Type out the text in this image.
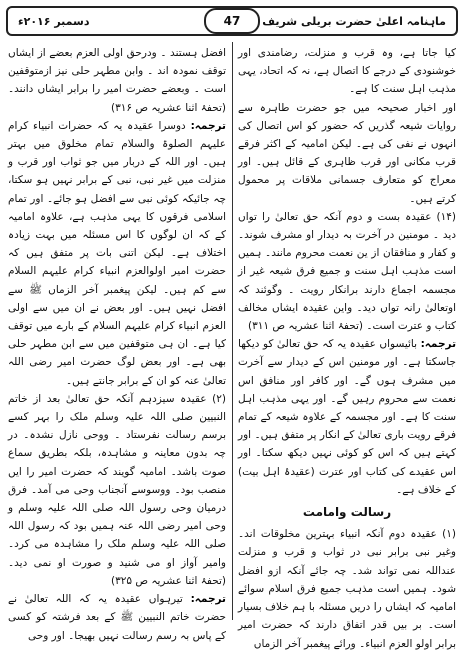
دسمبر ۲۰۱۶ء	47	ماہنامہ اعلیٰ حضرت بریلی شریف

کیا جاتا ہے، وہ قرب و منزلت، رضامندی اور خوشنودی کے درجے کا اتصال ہے، نہ کہ اتحاد، یہی مذہب اہل سنت کا ہے۔

اور اخبار صحیحہ میں جو حضرت طاہرہ سے روایات شیعہ گذریں کہ حضور کو اس اتصال کی انہوں نے نفی کی ہے۔ لیکن امامیہ کے اکثر فرقے قرب مکانی اور قرب ظاہری کے قائل ہیں۔ اور معراج کو متعارف جسمانی ملاقات پر محمول کرتے ہیں۔

(۱۴) عقیدہ بست و دوم آنکہ حق تعالیٰ را تواں دید ۔ مومنین در آخرت بہ دیدار او مشرف شوند۔ و کفار و منافقان از ین نعمت محروم مانند۔ ہمیں است مذہب اہل سنت و جمیع فرق شیعہ غیر از مجسمہ اجماع دارند برانکار رویت ۔ وگوئند کہ اوتعالیٰ رانہ تواں دید۔ واین عقیدہ ایشاں مخالف کتاب و عترت است۔ (تحفۂ اثنا عشریہ ص ۳۱۱)

ترجمہ: بائیسواں عقیدہ یہ کہ حق تعالیٰ کو دیکھا جاسکتا ہے۔ اور مومنین اس کے دیدار سے آخرت میں مشرف ہوں گے۔ اور کافر اور منافق اس نعمت سے محروم رہیں گے۔ اور یہی مذہب اہل سنت کا ہے۔ اور مجسمہ کے علاوہ شیعہ کے تمام فرقے رویت باری تعالیٰ کے انکار پر متفق ہیں۔ اور کہتے ہیں کہ اس کو کوئی نہیں دیکھ سکتا۔ اور اس عقیدے کی کتاب اور عترت (عقیدۂ اہل بیت) کے خلاف ہے۔

رسالت وامامت

(۱) عقیدہ دوم آنکہ انبیاء بہترین مخلوقات اند۔ وغیر نبی برابر نبی در ثواب و قرب و منزلت عنداللہ نمی تواند شد۔ چہ جائے آنکہ ازو افضل شود۔ ہمیں است مذہب جمیع فرق اسلام سوائے امامیہ کہ ایشاں را دریں مسئلہ با ہم خلاف بسیار است۔ بر بیں قدر اتفاق دارند کہ حضرت امیر برابر اولو العزم انبیاء۔ ورائے پیغمبر آخر الزماں

افضل ہستند ۔ ودرحق اولی العزم بعضے از ایشاں توقف نمودہ اند ۔ وابن مطہر حلی نیز ازمتوقفین است ۔ وبعضے حضرت امیر را برابر ایشاں دانند۔ (تحفۂ اثنا عشریہ ص ۳۱۶)

ترجمہ: دوسرا عقیدہ یہ کہ حضرات انبیاء کرام علیہم الصلوۃ والسلام تمام مخلوق میں بہتر ہیں۔ اور اللہ کے دربار میں جو ثواب اور قرب و منزلت میں غیر نبی، نبی کے برابر نہیں ہو سکتا، چہ جائیکہ کوئی نبی سے افضل ہو جائے۔ اور تمام اسلامی فرقوں کا یہی مذہب ہے، علاوہ امامیہ کے کہ ان لوگوں کا اس مسئلہ میں بہت زیادہ اختلاف ہے۔ لیکن اتنی بات پر متفق ہیں کہ حضرت امیر اولوالعزم انبیاء کرام علیہم السلام سے کم ہیں۔ لیکن پیغمبر آخر الزماں ﷺ سے افضل نہیں ہیں۔ اور بعض نے ان میں سے اولی العزم انبیاء کرام علیہم السلام کے بارے میں توقف کیا ہے۔ ان ہی متوقفین میں سے ابن مطہر حلی بھی ہے۔ اور بعض لوگ حضرت امیر رضی اللہ تعالیٰ عنہ کو ان کے برابر جانتے ہیں۔

(۲) عقیدہ سیزدہم آنکہ حق تعالیٰ بعد از خاتم النبیین صلی اللہ علیہ وسلم ملک را بہر کسے برسم رسالت نفرستاد ۔ ووحی نازل نشدہ۔ در چہ بدون معاینہ و مشاہدہ، بلکہ بطریق سماع صوت باشد۔ امامیہ گویند کہ حضرت امیر را ایں منصب بود۔ ووسوسے آنجناب وحی می آمد۔ فرق درمیان وحی رسول اللہ صلی اللہ علیہ وسلم و وحی امیر رضی اللہ عنہ ہمیں بود کہ رسول اللہ صلی اللہ علیہ وسلم ملک را مشاہدہ می کرد۔ وامیر آواز او می شنید و صورت او نمی دید۔ (تحفۂ اثنا عشریہ ص ۳۲۵)

ترجمہ: تیرہواں عقیدہ یہ کہ اللہ تعالیٰ نے حضرت خاتم النبیین ﷺ کے بعد فرشتہ کو کسی کے پاس بہ رسم رسالت نہیں بھیجا۔ اور وحی
